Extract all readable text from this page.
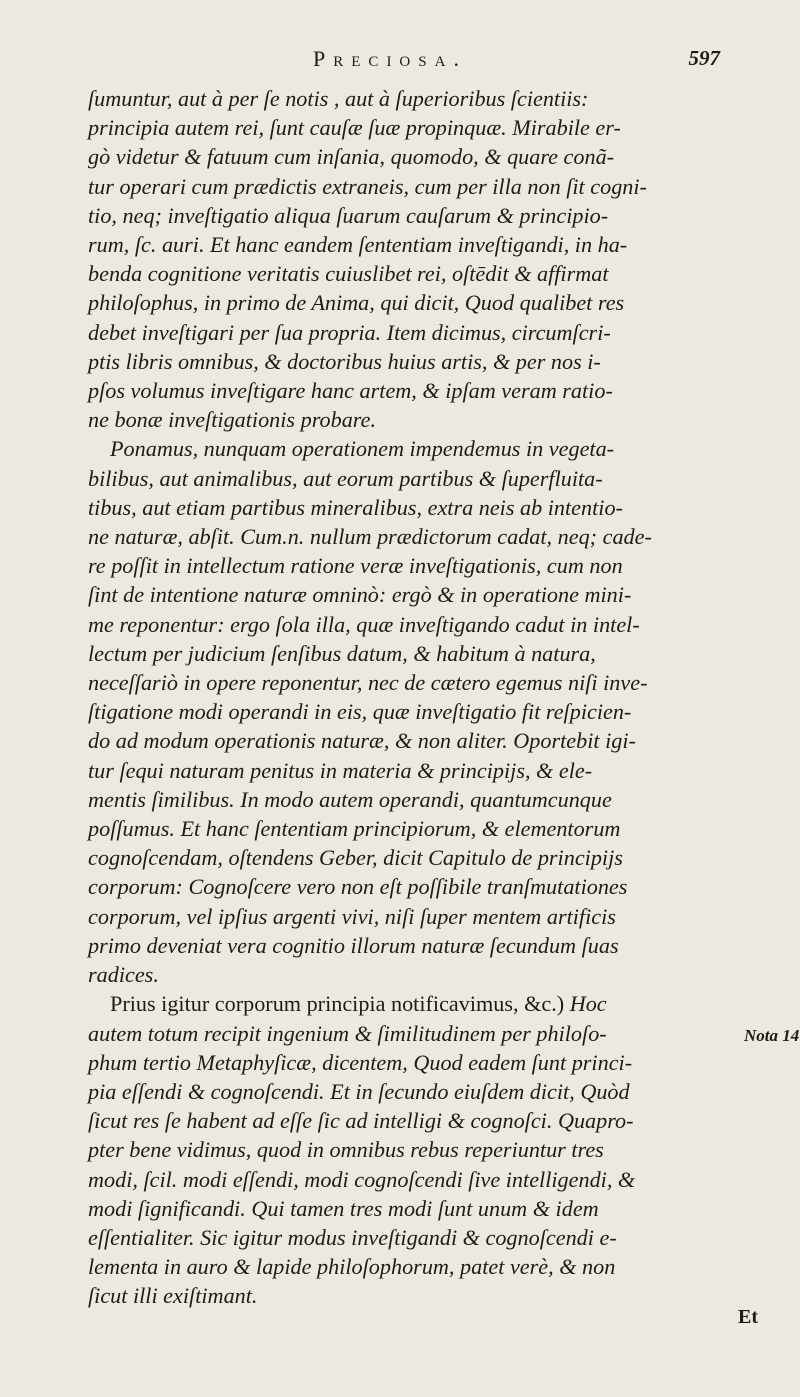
Precıosa.	597
ſumuntur, aut à per ſe notis , aut à ſuperioribus ſcientiis:
principia autem rei, ſunt cauſæ ſuæ propinquæ. Mirabile er-
gò videtur & fatuum cum inſania, quomodo, & quare conã-
tur operari cum prædictis extraneis, cum per illa non ſit cogni-
tio, neq; inveſtigatio aliqua ſuarum cauſarum & principio-
rum, ſc. auri. Et hanc eandem ſententiam inveſtigandi, in ha-
benda cognitione veritatis cuiuslibet rei, oſtēdit & affirmat
philoſophus, in primo de Anima, qui dicit, Quod qualibet res
debet inveſtigari per ſua propria. Item dicimus, circumſcri-
ptis libris omnibus, & doctoribus huius artis, & per nos i-
pſos volumus inveſtigare hanc artem, & ipſam veram ratio-
ne bonæ inveſtigationis probare.
Ponamus, nunquam operationem impendemus in vegeta-
bilibus, aut animalibus, aut eorum partibus & ſuperfluita-
tibus, aut etiam partibus mineralibus, extra neis ab intentio-
ne naturæ, abſit. Cum.n. nullum prædictorum cadat, neq; cade-
re poſſit in intellectum ratione veræ inveſtigationis, cum non
ſint de intentione naturæ omninò: ergò & in operatione mini-
me reponentur: ergo ſola illa, quæ inveſtigando cadut in intel-
lectum per judicium ſenſibus datum, & habitum à natura,
neceſſariò in opere reponentur, nec de cætero egemus niſi inve-
ſtigatione modi operandi in eis, quæ inveſtigatio fit reſpicien-
do ad modum operationis naturæ, & non aliter. Oportebit igi-
tur ſequi naturam penitus in materia & principijs, & ele-
mentis ſimilibus. In modo autem operandi, quantumcunque
poſſumus. Et hanc ſententiam principiorum, & elementorum
cognoſcendam, oſtendens Geber, dicit Capitulo de principijs
corporum: Cognoſcere vero non eſt poſſibile tranſmutationes
corporum, vel ipſius argenti vivi, niſi ſuper mentem artificis
primo deveniat vera cognitio illorum naturæ ſecundum ſuas
radices.
Prius igitur corporum principia notificavimus, &c.) Hoc
autem totum recipit ingenium & ſimilitudinem per philoſo-
phum tertio Metaphyſicæ, dicentem, Quod eadem ſunt princi-
pia eſſendi & cognoſcendi. Et in ſecundo eiuſdem dicit, Quòd
ſicut res ſe habent ad eſſe ſic ad intelligi & cognoſci. Quapro-
pter bene vidimus, quod in omnibus rebus reperiuntur tres
modi, ſcil. modi eſſendi, modi cognoſcendi ſive intelligendi, &
modi ſignificandi. Qui tamen tres modi ſunt unum & idem
eſſentialiter. Sic igitur modus inveſtigandi & cognoſcendi e-
lementa in auro & lapide philoſophorum, patet verè, & non
ſicut illi exiſtimant.
Nota 14
Et
